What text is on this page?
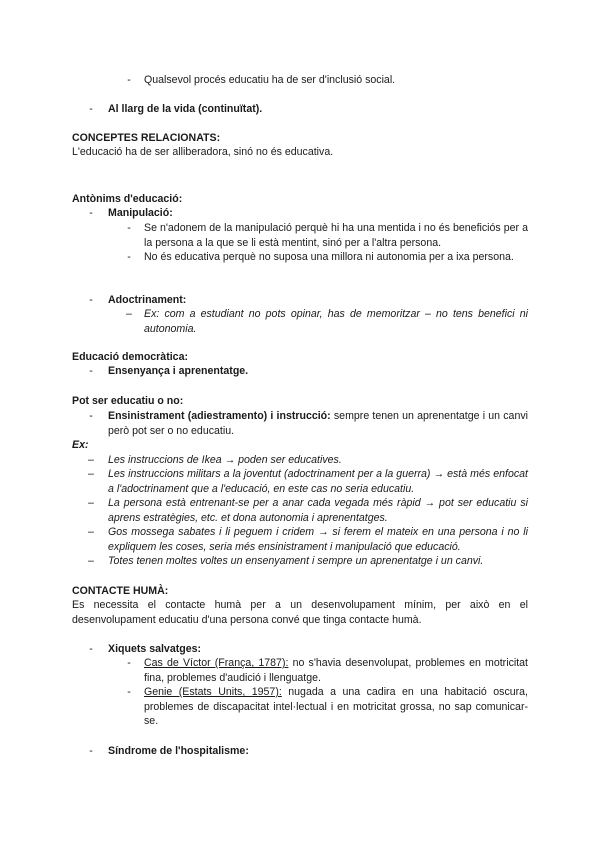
-	Qualsevol procés educatiu ha de ser d'inclusió social.
-	Al llarg de la vida (continuïtat).
CONCEPTES RELACIONATS:
L'educació ha de ser alliberadora, sinó no és educativa.
Antònims d'educació:
-	Manipulació:
-	Se n'adonem de la manipulació perquè hi ha una mentida i no és beneficiós per a la persona a la que se li està mentint, sinó per a l'altra persona.

-	No és educativa perquè no suposa una millora ni autonomia per a ixa persona.

-	Adoctrinament:
– Ex: com a estudiant no pots opinar, has de memoritzar – no tens benefici ni autonomia.

Educació democràtica:
-	Ensenyança i aprenentatge.
Pot ser educatiu o no:
-	Ensinistrament (adiestramento) i instrucció: sempre tenen un aprenentatge i un canvi però pot ser o no educatiu.

Ex:
– Les instruccions de Ikea → poden ser educatives.

– Les instruccions militars a la joventut (adoctrinament per a la guerra) → està més enfocat a l'adoctrinament que a l'educació, en este cas no seria educatiu.

– La persona està entrenant-se per a anar cada vegada més ràpid → pot ser educatiu si aprens estratègies, etc. et dona autonomia i aprenentatges.

– Gos mossega sabates i li peguem i cridem → si ferem el mateix en una persona i no li expliquem les coses, seria més ensinistrament i manipulació que educació.

– Totes tenen moltes voltes un ensenyament i sempre un aprenentatge i un canvi.

CONTACTE HUMÀ:

Es necessita el contacte humà per a un desenvolupament mínim, per això en el desenvolupament educatiu d'una persona convé que tinga contacte humà.

-	Xiquets salvatges:
-	Cas de Víctor (França, 1787): no s'havia desenvolupat, problemes en motricitat fina, problemes d'audició i llenguatge.

-	Genie (Estats Units, 1957): nugada a una cadira en una habitació oscura, problemes de discapacitat intel·lectual i en motricitat grossa, no sap comunicar-se.

-	Síndrome de l'hospitalisme:
